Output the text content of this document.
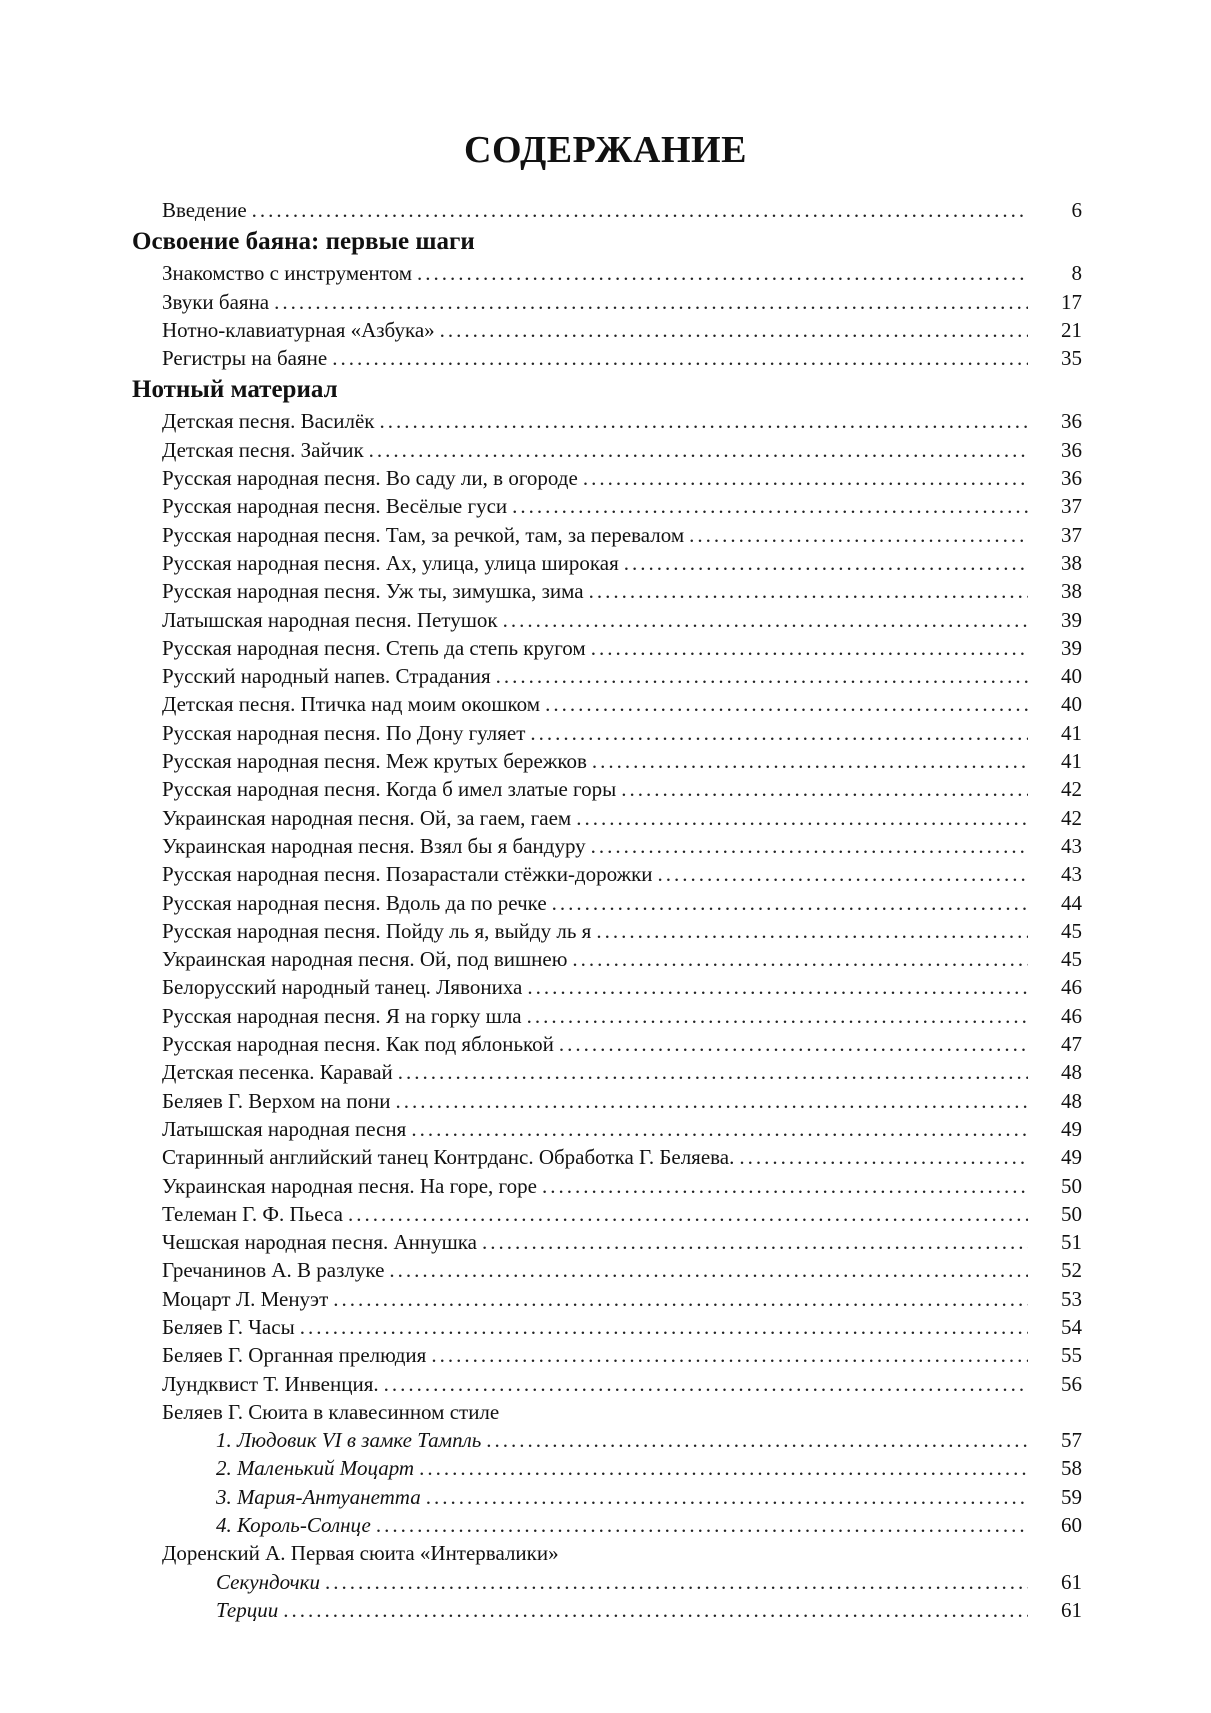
СОДЕРЖАНИЕ
Введение .....	6
Освоение баяна: первые шаги
Знакомство с инструментом .....	8
Звуки баяна .....	17
Нотно-клавиатурная «Азбука» .....	21
Регистры на баяне .....	35
Нотный материал
Детская песня. Василёк .....	36
Детская песня. Зайчик .....	36
Русская народная песня. Во саду ли, в огороде .....	36
Русская народная песня. Весёлые гуси .....	37
Русская народная песня. Там, за речкой, там, за перевалом .....	37
Русская народная песня. Ах, улица, улица широкая .....	38
Русская народная песня. Уж ты, зимушка, зима .....	38
Латышская народная песня. Петушок .....	39
Русская народная песня. Степь да степь кругом .....	39
Русский народный напев. Страдания .....	40
Детская песня. Птичка над моим окошком .....	40
Русская народная песня. По Дону гуляет .....	41
Русская народная песня. Меж крутых бережков .....	41
Русская народная песня. Когда б имел златые горы .....	42
Украинская народная песня. Ой, за гаем, гаем .....	42
Украинская народная песня. Взял бы я бандуру .....	43
Русская народная песня. Позарастали стёжки-дорожки .....	43
Русская народная песня. Вдоль да по речке .....	44
Русская народная песня. Пойду ль я, выйду ль я .....	45
Украинская народная песня. Ой, под вишнею .....	45
Белорусский народный танец. Лявониха .....	46
Русская народная песня. Я на горку шла .....	46
Русская народная песня. Как под яблонькой .....	47
Детская песенка. Каравай .....	48
Беляев Г. Верхом на пони .....	48
Латышская народная песня .....	49
Старинный английский танец Контрданс. Обработка Г. Беляева. .....	49
Украинская народная песня. На горе, горе .....	50
Телеман Г. Ф. Пьеса .....	50
Чешская народная песня. Аннушка .....	51
Гречанинов А. В разлуке .....	52
Моцарт Л. Менуэт .....	53
Беляев Г. Часы .....	54
Беляев Г. Органная прелюдия .....	55
Лундквист Т. Инвенция. .....	56
Беляев Г. Сюита в клавесинном стиле
1. Людовик VI в замке Тампль .....	57
2. Маленький Моцарт .....	58
3. Мария-Антуанетта .....	59
4. Король-Солнце .....	60
Доренский А. Первая сюита «Интервалики»
Секундочки .....	61
Терции .....	61
